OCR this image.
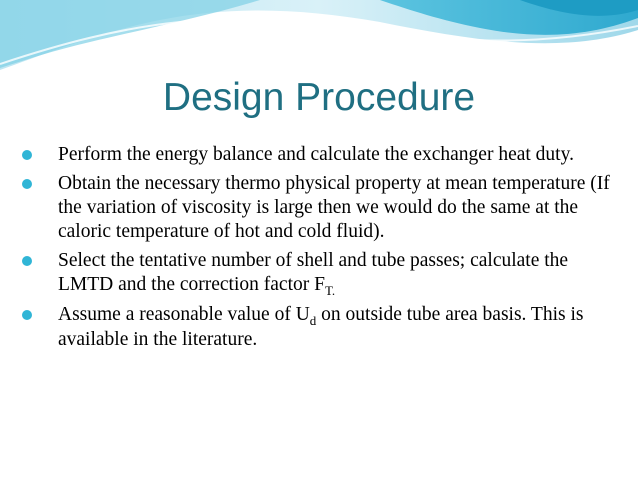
Design Procedure
Perform the energy balance and calculate the exchanger heat duty.
Obtain the necessary thermo physical property at mean temperature (If the variation of viscosity is large then we would do the same at the caloric temperature of hot and cold fluid).
Select the tentative number of shell and tube passes; calculate the LMTD and the correction factor $F_{T.}$
Assume a reasonable value of $U_d$ on outside tube area basis. This is available in the literature.
